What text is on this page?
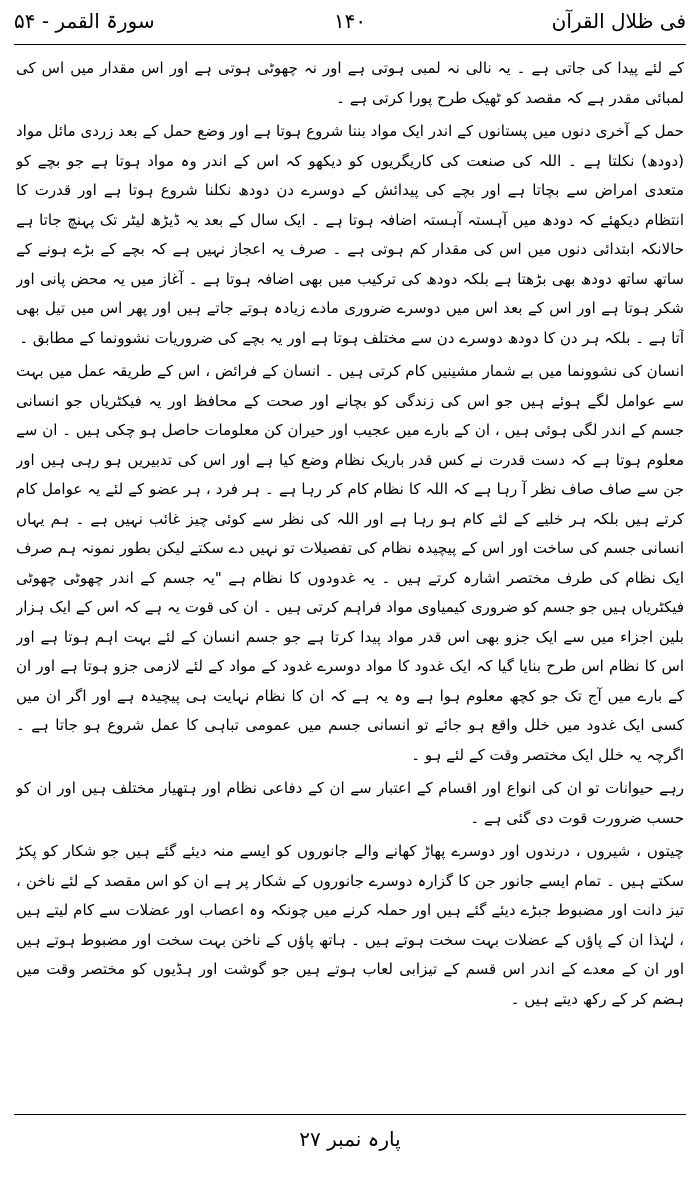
فی ظلال القرآن
۱۴۰
سورۃ القمر - ۵۴

کے لئے پیدا کی جاتی ہے ۔ یہ نالی نہ لمبی ہوتی ہے اور نہ چھوٹی ہوتی ہے اور اس مقدار میں اس کی لمبائی مقدر ہے کہ مقصد کو ٹھیک طرح پورا کرتی ہے ۔

حمل کے آخری دنوں میں پستانوں کے اندر ایک مواد بننا شروع ہوتا ہے اور وضع حمل کے بعد زردی مائل مواد (دودھ) نکلتا ہے ۔ اللہ کی صنعت کی کاریگریوں کو دیکھو کہ اس کے اندر وہ مواد ہوتا ہے جو بچے کو متعدی امراض سے بچاتا ہے اور بچے کی پیدائش کے دوسرے دن دودھ نکلنا شروع ہوتا ہے اور قدرت کا انتظام دیکھئے کہ دودھ میں آہستہ آہستہ اضافہ ہوتا ہے ۔ ایک سال کے بعد یہ ڈیڑھ لیٹر تک پہنچ جاتا ہے حالانکہ ابتدائی دنوں میں اس کی مقدار کم ہوتی ہے ۔ صرف یہ اعجاز نہیں ہے کہ بچے کے بڑے ہونے کے ساتھ ساتھ دودھ بھی بڑھتا ہے بلکہ دودھ کی ترکیب میں بھی اضافہ ہوتا ہے ۔ آغاز میں یہ محض پانی اور شکر ہوتا ہے اور اس کے بعد اس میں دوسرے ضروری مادے زیادہ ہوتے جاتے ہیں اور پھر اس میں تیل بھی آتا ہے ۔ بلکہ ہر دن کا دودھ دوسرے دن سے مختلف ہوتا ہے اور یہ بچے کی ضروریات نشوونما کے مطابق ۔

انسان کی نشوونما میں بے شمار مشینیں کام کرتی ہیں ۔ انسان کے فرائض ، اس کے طریقہ عمل میں بہت سے عوامل لگے ہوئے ہیں جو اس کی زندگی کو بچانے اور صحت کے محافظ اور یہ فیکٹریاں جو انسانی جسم کے اندر لگی ہوئی ہیں ، ان کے بارے میں عجیب اور حیران کن معلومات حاصل ہو چکی ہیں ۔ ان سے معلوم ہوتا ہے کہ دست قدرت نے کس قدر باریک نظام وضع کیا ہے اور اس کی تدبیریں ہو رہی ہیں اور جن سے صاف صاف نظر آ رہا ہے کہ اللہ کا نظام کام کر رہا ہے ۔ ہر فرد ، ہر عضو کے لئے یہ عوامل کام کرتے ہیں بلکہ ہر خلیے کے لئے کام ہو رہا ہے اور اللہ کی نظر سے کوئی چیز غائب نہیں ہے ۔ ہم یہاں انسانی جسم کی ساخت اور اس کے پیچیدہ نظام کی تفصیلات تو نہیں دے سکتے لیکن بطور نمونہ ہم صرف ایک نظام کی طرف مختصر اشارہ کرتے ہیں ۔ یہ غدودوں کا نظام ہے "یہ جسم کے اندر چھوٹی چھوٹی فیکٹریاں ہیں جو جسم کو ضروری کیمیاوی مواد فراہم کرتی ہیں ۔ ان کی قوت یہ ہے کہ اس کے ایک ہزار بلین اجزاء میں سے ایک جزو بھی اس قدر مواد پیدا کرتا ہے جو جسم انسان کے لئے بہت اہم ہوتا ہے اور اس کا نظام اس طرح بنایا گیا کہ ایک غدود کا مواد دوسرے غدود کے مواد کے لئے لازمی جزو ہوتا ہے اور ان کے بارے میں آج تک جو کچھ معلوم ہوا ہے وہ یہ ہے کہ ان کا نظام نہایت ہی پیچیدہ ہے اور اگر ان میں کسی ایک غدود میں خلل واقع ہو جائے تو انسانی جسم میں عمومی تباہی کا عمل شروع ہو جاتا ہے ۔ اگرچہ یہ خلل ایک مختصر وقت کے لئے ہو ۔

رہے حیوانات تو ان کی انواع اور اقسام کے اعتبار سے ان کے دفاعی نظام اور ہتھیار مختلف ہیں اور ان کو حسب ضرورت قوت دی گئی ہے ۔

چیتوں ، شیروں ، درندوں اور دوسرے پھاڑ کھانے والے جانوروں کو ایسے منہ دیئے گئے ہیں جو شکار کو پکڑ سکتے ہیں ۔ تمام ایسے جانور جن کا گزارہ دوسرے جانوروں کے شکار پر ہے ان کو اس مقصد کے لئے ناخن ، تیز دانت اور مضبوط جبڑے دیئے گئے ہیں اور حملہ کرنے میں چونکہ وہ اعصاب اور عضلات سے کام لیتے ہیں ، لہٰذا ان کے پاؤں کے عضلات بہت سخت ہوتے ہیں ۔ ہاتھ پاؤں کے ناخن بہت سخت اور مضبوط ہوتے ہیں اور ان کے معدے کے اندر اس قسم کے تیزابی لعاب ہوتے ہیں جو گوشت اور ہڈیوں کو مختصر وقت میں ہضم کر کے رکھ دیتے ہیں ۔

پارہ نمبر ۲۷
